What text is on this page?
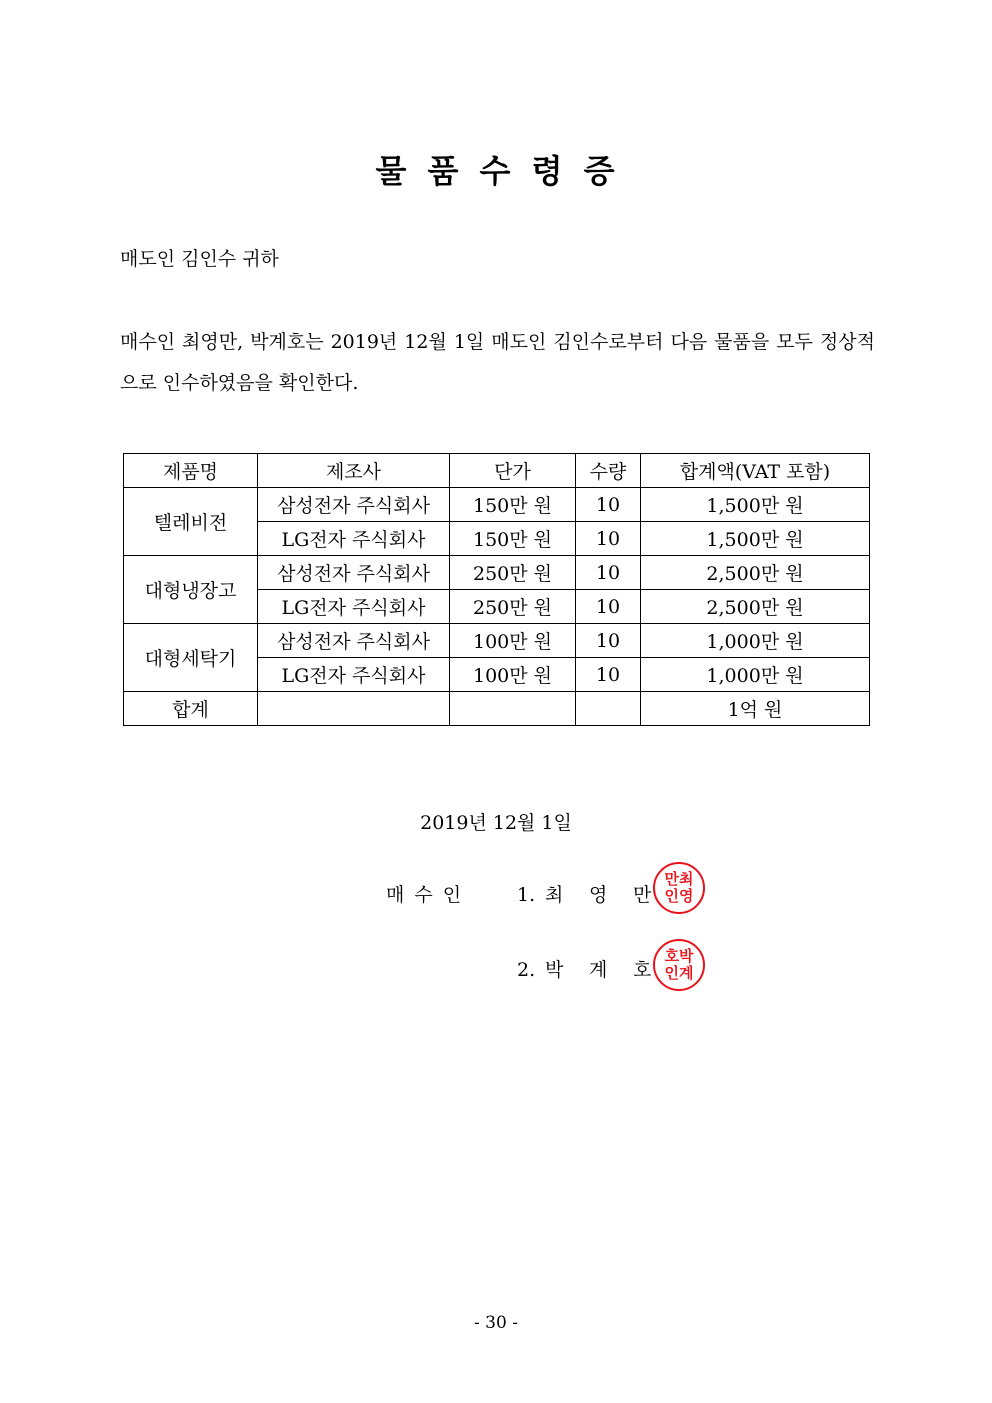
물 품 수 령 증
매도인 김인수 귀하
매수인 최영만, 박계호는 2019년 12월 1일 매도인 김인수로부터 다음 물품을 모두 정상적으로 인수하였음을 확인한다.
제품명	제조사	단가	수량	합계액(VAT 포함)
텔레비전	삼성전자 주식회사	150만 원	10	1,500만 원
	LG전자 주식회사	150만 원	10	1,500만 원
대형냉장고	삼성전자 주식회사	250만 원	10	2,500만 원
	LG전자 주식회사	250만 원	10	2,500만 원
대형세탁기	삼성전자 주식회사	100만 원	10	1,000만 원
	LG전자 주식회사	100만 원	10	1,000만 원
합계				1억 원
2019년 12월 1일
매수인 1. 최 영 만
만최
인영
2. 박 계 호
호박
인계
- 30 -
